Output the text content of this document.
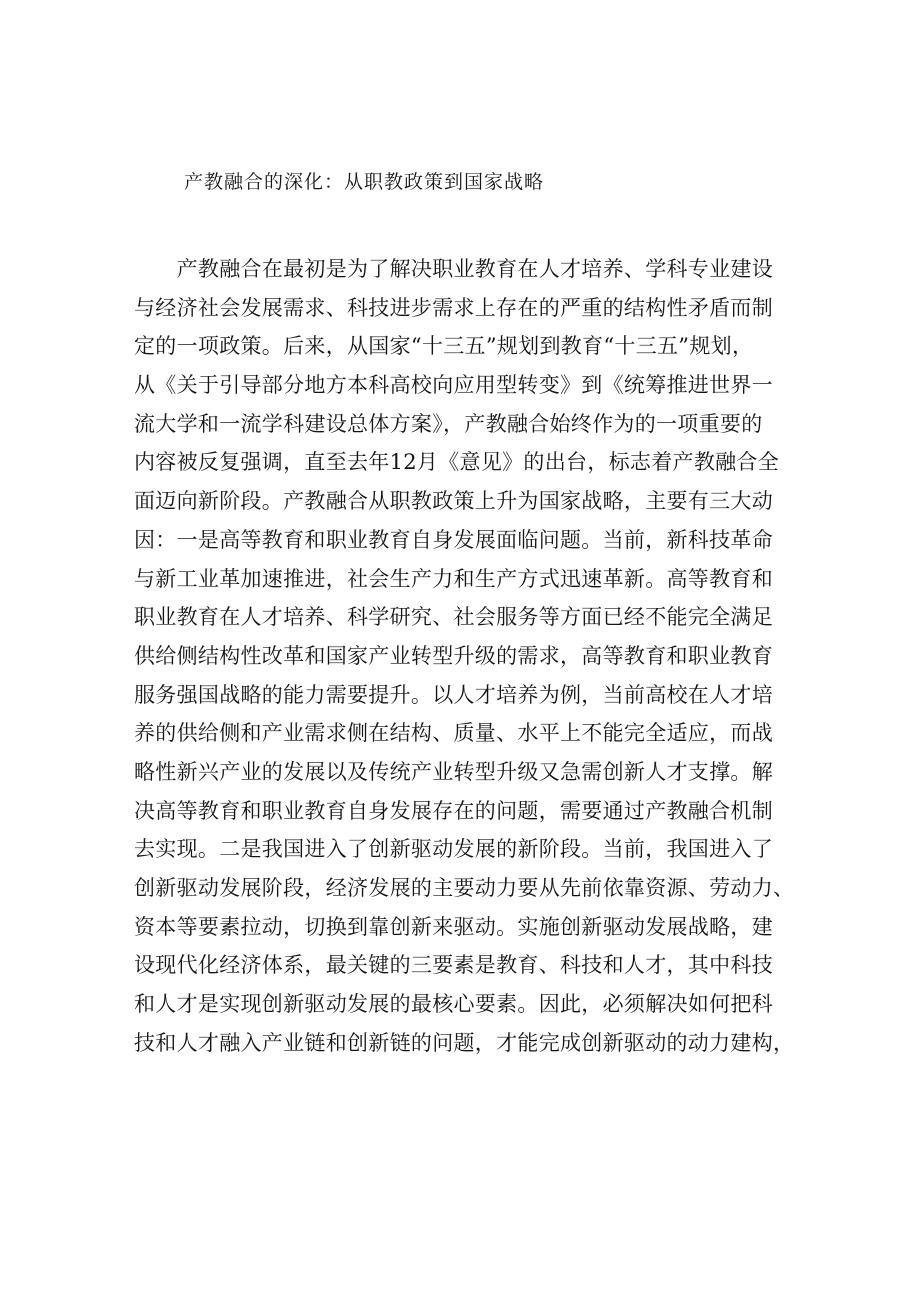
产教融合的深化：从职教政策到国家战略
　　产教融合在最初是为了解决职业教育在人才培养、学科专业建设
与经济社会发展需求、科技进步需求上存在的严重的结构性矛盾而制
定的一项政策。后来，从国家“十三五”规划到教育“十三五”规划，
从《关于引导部分地方本科高校向应用型转变》到《统筹推进世界一
流大学和一流学科建设总体方案》，产教融合始终作为的一项重要的
内容被反复强调，直至去年12月《意见》的出台，标志着产教融合全
面迈向新阶段。产教融合从职教政策上升为国家战略，主要有三大动
因：一是高等教育和职业教育自身发展面临问题。当前，新科技革命
与新工业革加速推进，社会生产力和生产方式迅速革新。高等教育和
职业教育在人才培养、科学研究、社会服务等方面已经不能完全满足
供给侧结构性改革和国家产业转型升级的需求，高等教育和职业教育
服务强国战略的能力需要提升。以人才培养为例，当前高校在人才培
养的供给侧和产业需求侧在结构、质量、水平上不能完全适应，而战
略性新兴产业的发展以及传统产业转型升级又急需创新人才支撑。解
决高等教育和职业教育自身发展存在的问题，需要通过产教融合机制
去实现。二是我国进入了创新驱动发展的新阶段。当前，我国进入了
创新驱动发展阶段，经济发展的主要动力要从先前依靠资源、劳动力、
资本等要素拉动，切换到靠创新来驱动。实施创新驱动发展战略，建
设现代化经济体系，最关键的三要素是教育、科技和人才，其中科技
和人才是实现创新驱动发展的最核心要素。因此，必须解决如何把科
技和人才融入产业链和创新链的问题，才能完成创新驱动的动力建构，
